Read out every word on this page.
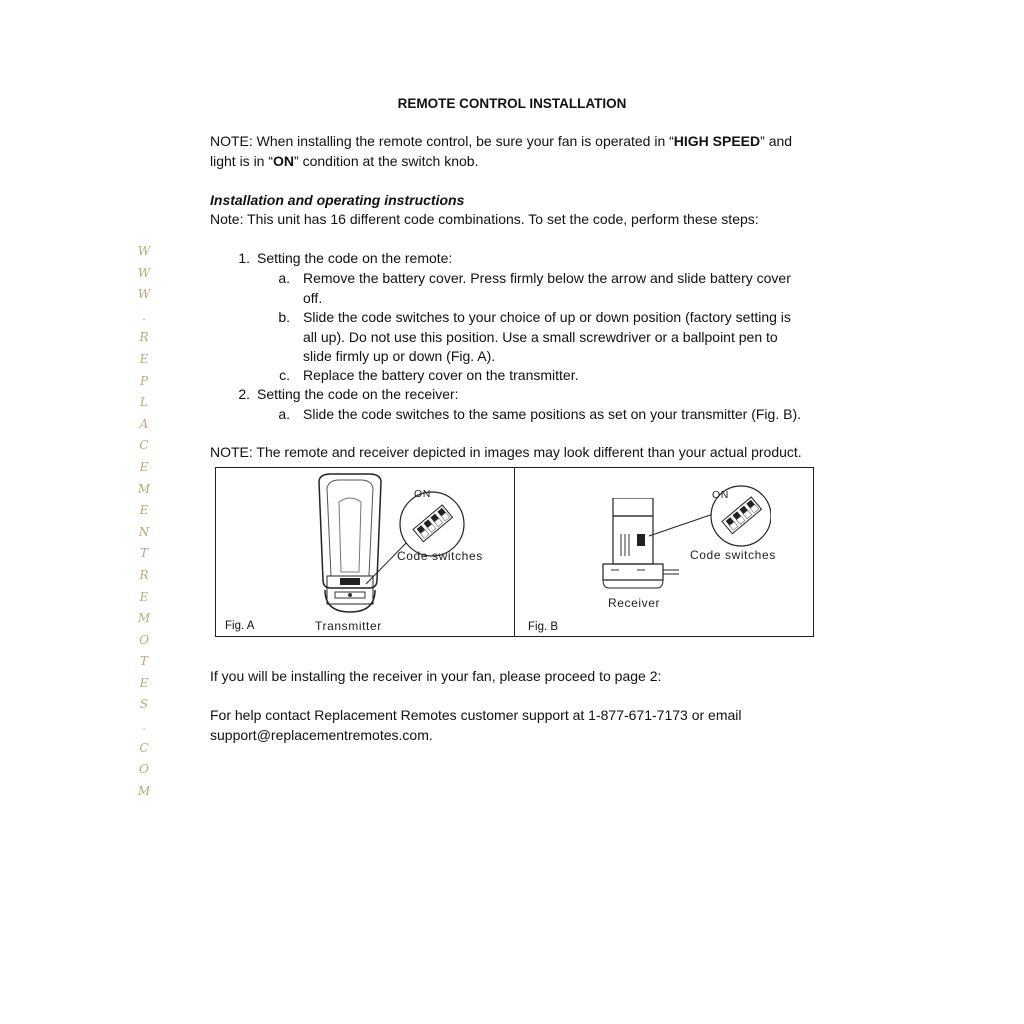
REMOTE CONTROL INSTALLATION

NOTE: When installing the remote control, be sure your fan is operated in “HIGH SPEED” and light is in “ON” condition at the switch knob.

Installation and operating instructions

Note: This unit has 16 different code combinations. To set the code, perform these steps:

1. Setting the code on the remote:
a. Remove the battery cover. Press firmly below the arrow and slide battery cover off.
b. Slide the code switches to your choice of up or down position (factory setting is all up). Do not use this position. Use a small screwdriver or a ballpoint pen to slide firmly up or down (Fig. A).
c. Replace the battery cover on the transmitter.
2. Setting the code on the receiver:
a. Slide the code switches to the same positions as set on your transmitter (Fig. B).

NOTE: The remote and receiver depicted in images may look different than your actual product.

If you will be installing the receiver in your fan, please proceed to page 2:

For help contact Replacement Remotes customer support at 1-877-671-7173 or email support@replacementremotes.com.

ON
Code switches
Transmitter
Fig. A
ON
Code switches
Receiver
Fig. B
W
W
W
.
R
E
P
L
A
C
E
M
E
N
T
R
E
M
O
T
E
S
.
C
O
M
